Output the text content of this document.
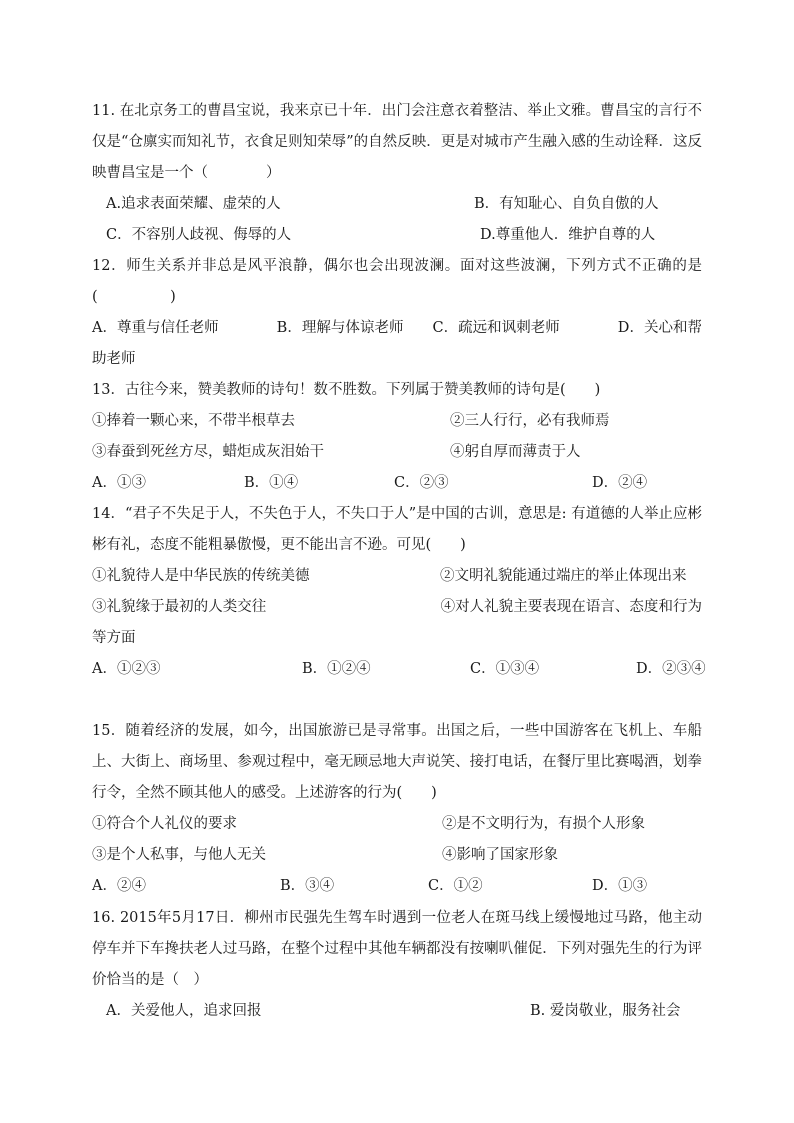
11. 在北京务工的曹昌宝说，我来京已十年．出门会注意衣着整洁、举止文雅。曹昌宝的言行不仅是“仓廪实而知礼节，衣食足则知荣辱”的自然反映．更是对城市产生融入感的生动诠释．这反映曹昌宝是一个（　　　　）

A.追求表面荣耀、虚荣的人	B．有知耻心、自负自傲的人
C．不容别人歧视、侮辱的人	D.尊重他人．维护自尊的人

12．师生关系并非总是风平浪静，偶尔也会出现波澜。面对这些波澜，下列方式不正确的是(　　　　　)

A．尊重与信任老师　　　　B．理解与体谅老师　　C．疏远和讽刺老师　　　　D．关心和帮助老师

13．古往今来，赞美教师的诗句！数不胜数。下列属于赞美教师的诗句是(　　)

①捧着一颗心来，不带半根草去	②三人行行，必有我师焉
③春蚕到死丝方尽，蜡炬成灰泪始干	④躬自厚而薄责于人
A．①③	B．①④	C．②③	D．②④

14．“君子不失足于人，不失色于人，不失口于人”是中国的古训，意思是: 有道德的人举止应彬彬有礼，态度不能粗暴傲慢，更不能出言不逊。可见(　　)

①礼貌待人是中华民族的传统美德　　　　　　　　　②文明礼貌能通过端庄的举止体现出来

③礼貌缘于最初的人类交往　　　　　　　　　　　　④对人礼貌主要表现在语言、态度和行为等方面

A．①②③	B．①②④	C．①③④	D．②③④

15．随着经济的发展，如今，出国旅游已是寻常事。出国之后，一些中国游客在飞机上、车船上、大街上、商场里、参观过程中，毫无顾忌地大声说笑、接打电话，在餐厅里比赛喝酒，划拳行令，全然不顾其他人的感受。上述游客的行为(　　)

①符合个人礼仪的要求	②是不文明行为，有损个人形象
③是个人私事，与他人无关	④影响了国家形象
A．②④	B．③④	C．①②	D．①③

16. 2015年5月17日．柳州市民强先生驾车时遇到一位老人在斑马线上缓慢地过马路，他主动停车并下车搀扶老人过马路，在整个过程中其他车辆都没有按喇叭催促．下列对强先生的行为评价恰当的是（　）

A．关爱他人，追求回报	B. 爱岗敬业，服务社会
